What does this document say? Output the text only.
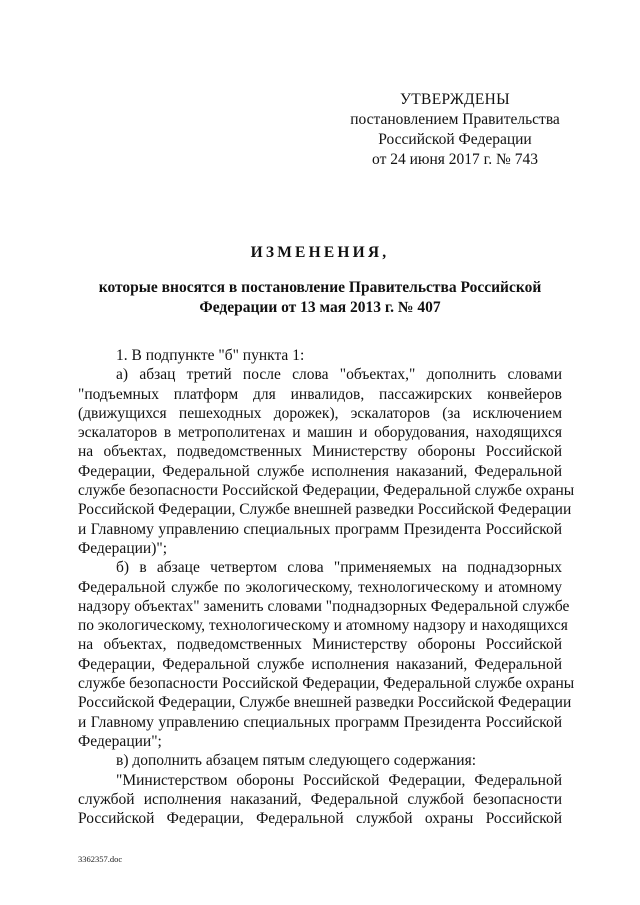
УТВЕРЖДЕНЫ
постановлением Правительства
Российской Федерации
от 24 июня 2017 г. № 743
ИЗМЕНЕНИЯ,
которые вносятся в постановление Правительства Российской
Федерации от 13 мая 2013 г. № 407
1. В подпункте "б" пункта 1:
а) абзац третий после слова "объектах," дополнить словами
"подъемных платформ для инвалидов, пассажирских конвейеров
(движущихся пешеходных дорожек), эскалаторов (за исключением
эскалаторов в метрополитенах и машин и оборудования, находящихся
на объектах, подведомственных Министерству обороны Российской
Федерации, Федеральной службе исполнения наказаний, Федеральной
службе безопасности Российской Федерации, Федеральной службе охраны
Российской Федерации, Службе внешней разведки Российской Федерации
и Главному управлению специальных программ Президента Российской
Федерации)";
б) в абзаце четвертом слова "применяемых на поднадзорных
Федеральной службе по экологическому, технологическому и атомному
надзору объектах" заменить словами "поднадзорных Федеральной службе
по экологическому, технологическому и атомному надзору и находящихся
на объектах, подведомственных Министерству обороны Российской
Федерации, Федеральной службе исполнения наказаний, Федеральной
службе безопасности Российской Федерации, Федеральной службе охраны
Российской Федерации, Службе внешней разведки Российской Федерации
и Главному управлению специальных программ Президента Российской
Федерации";
в) дополнить абзацем пятым следующего содержания:
"Министерством обороны Российской Федерации, Федеральной
службой исполнения наказаний, Федеральной службой безопасности
Российской Федерации, Федеральной службой охраны Российской
3362357.doc
